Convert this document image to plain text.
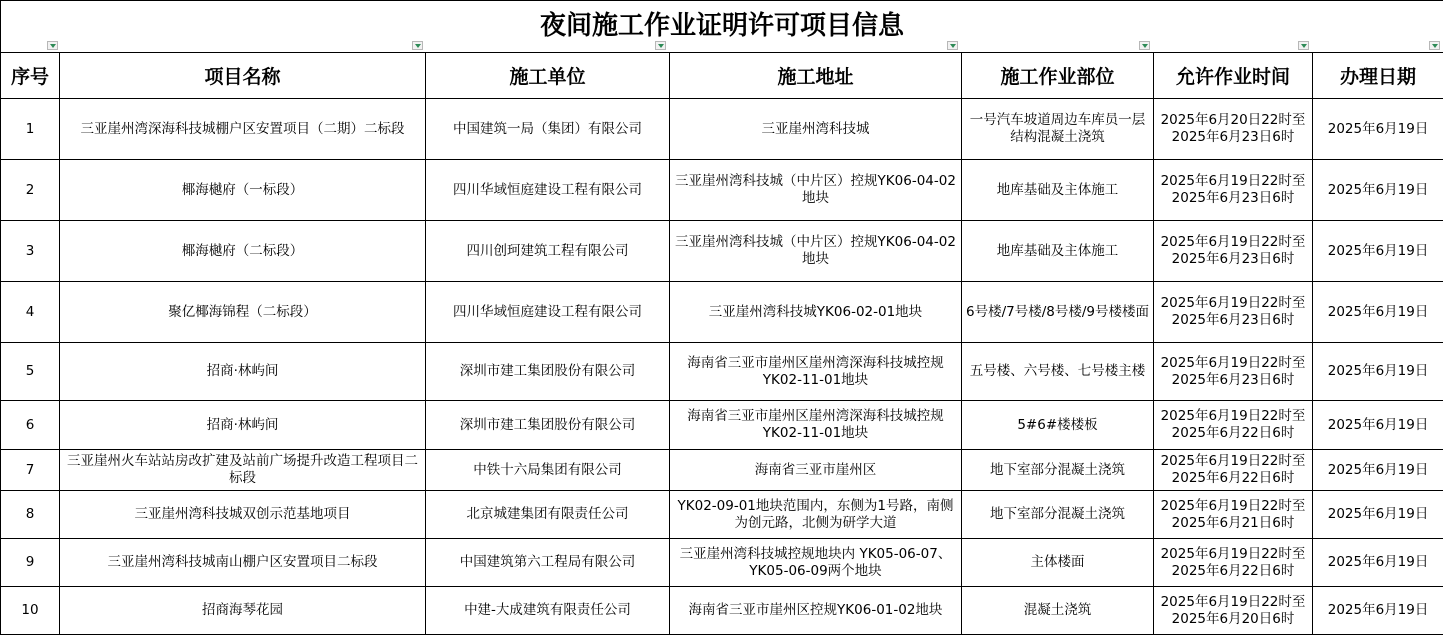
夜间施工作业证明许可项目信息						

序号	项目名称	施工单位	施工地址	施工作业部位	允许作业时间	办理日期
1	三亚崖州湾深海科技城棚户区安置项目（二期）二标段	中国建筑一局（集团）有限公司	三亚崖州湾科技城	一号汽车坡道周边车库员一层结构混凝土浇筑	2025年6月20日22时至
2025年6月23日6时	2025年6月19日
2	椰海樾府（一标段）	四川华域恒庭建设工程有限公司	三亚崖州湾科技城（中片区）控规YK06-04-02地块	地库基础及主体施工	2025年6月19日22时至
2025年6月23日6时	2025年6月19日
3	椰海樾府（二标段）	四川创珂建筑工程有限公司	三亚崖州湾科技城（中片区）控规YK06-04-02地块	地库基础及主体施工	2025年6月19日22时至
2025年6月23日6时	2025年6月19日
4	聚亿椰海锦程（二标段）	四川华域恒庭建设工程有限公司	三亚崖州湾科技城YK06-02-01地块	6号楼/7号楼/8号楼/9号楼楼面	2025年6月19日22时至
2025年6月23日6时	2025年6月19日
5	招商·林屿间	深圳市建工集团股份有限公司	海南省三亚市崖州区崖州湾深海科技城控规YK02-11-01地块	五号楼、六号楼、七号楼主楼	2025年6月19日22时至
2025年6月23日6时	2025年6月19日
6	招商·林屿间	深圳市建工集团股份有限公司	海南省三亚市崖州区崖州湾深海科技城控规YK02-11-01地块	5#6#楼楼板	2025年6月19日22时至
2025年6月22日6时	2025年6月19日
7	三亚崖州火车站站房改扩建及站前广场提升改造工程项目二标段	中铁十六局集团有限公司	海南省三亚市崖州区	地下室部分混凝土浇筑	2025年6月19日22时至
2025年6月22日6时	2025年6月19日
8	三亚崖州湾科技城双创示范基地项目	北京城建集团有限责任公司	YK02-09-01地块范围内，东侧为1号路，南侧为创元路，北侧为研学大道	地下室部分混凝土浇筑	2025年6月19日22时至
2025年6月21日6时	2025年6月19日
9	三亚崖州湾科技城南山棚户区安置项目二标段	中国建筑第六工程局有限公司	三亚崖州湾科技城控规地块内 YK05-06-07、YK05-06-09两个地块	主体楼面	2025年6月19日22时至
2025年6月22日6时	2025年6月19日
10	招商海琴花园	中建-大成建筑有限责任公司	海南省三亚市崖州区控规YK06-01-02地块	混凝土浇筑	2025年6月19日22时至
2025年6月20日6时	2025年6月19日
